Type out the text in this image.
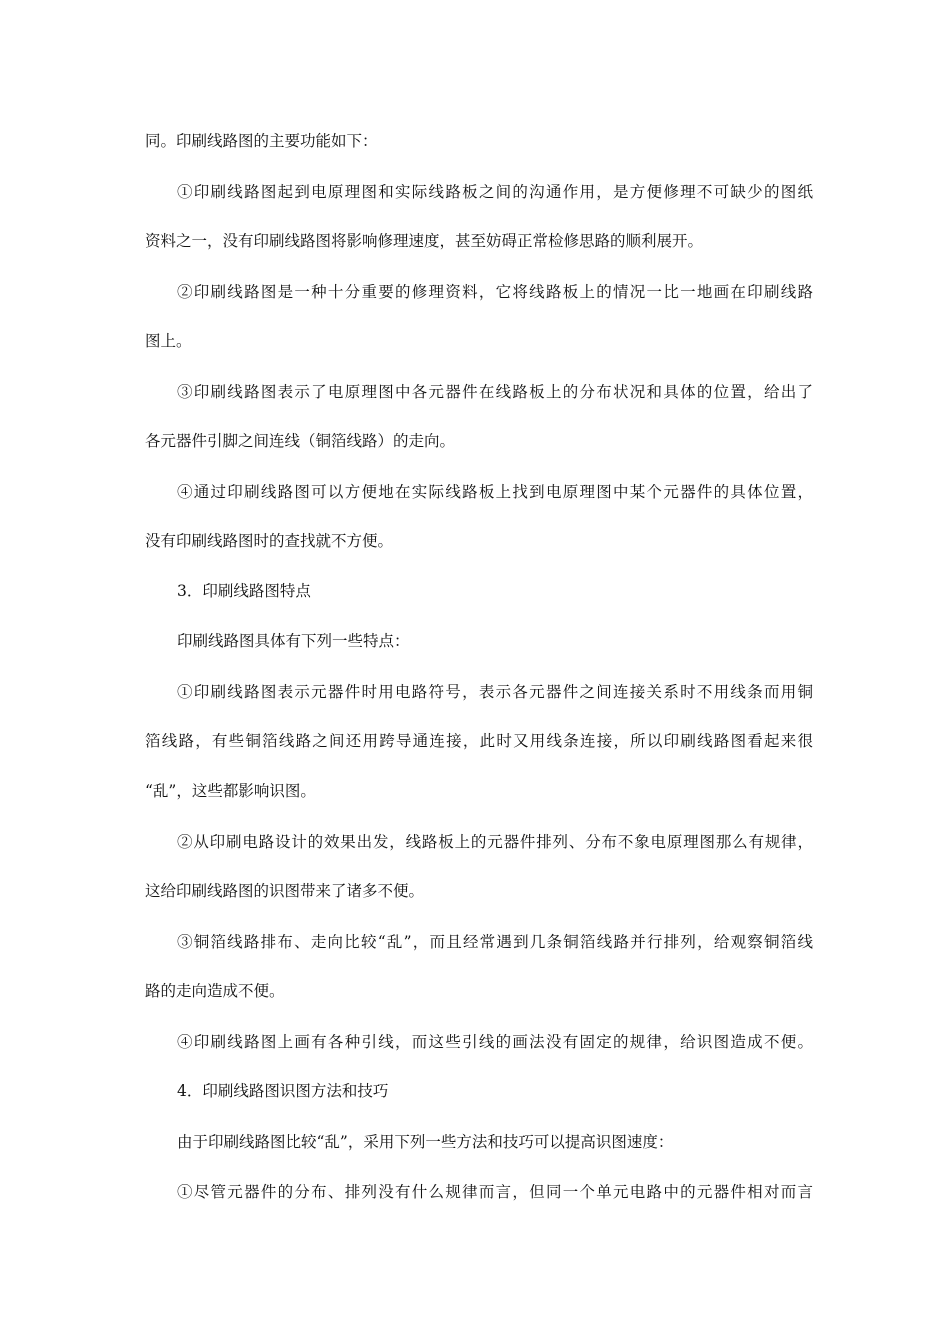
同。印刷线路图的主要功能如下：
①印刷线路图起到电原理图和实际线路板之间的沟通作用，是方便修理不可缺少的图纸
资料之一，没有印刷线路图将影响修理速度，甚至妨碍正常检修思路的顺利展开。
②印刷线路图是一种十分重要的修理资料，它将线路板上的情况一比一地画在印刷线路
图上。
③印刷线路图表示了电原理图中各元器件在线路板上的分布状况和具体的位置，给出了
各元器件引脚之间连线（铜箔线路）的走向。
④通过印刷线路图可以方便地在实际线路板上找到电原理图中某个元器件的具体位置，
没有印刷线路图时的查找就不方便。
3．印刷线路图特点
印刷线路图具体有下列一些特点：
①印刷线路图表示元器件时用电路符号，表示各元器件之间连接关系时不用线条而用铜
箔线路，有些铜箔线路之间还用跨导通连接，此时又用线条连接，所以印刷线路图看起来很
“乱”，这些都影响识图。
②从印刷电路设计的效果出发，线路板上的元器件排列、分布不象电原理图那么有规律，
这给印刷线路图的识图带来了诸多不便。
③铜箔线路排布、走向比较“乱”，而且经常遇到几条铜箔线路并行排列，给观察铜箔线
路的走向造成不便。
④印刷线路图上画有各种引线，而这些引线的画法没有固定的规律，给识图造成不便。
4．印刷线路图识图方法和技巧
由于印刷线路图比较“乱”，采用下列一些方法和技巧可以提高识图速度：
①尽管元器件的分布、排列没有什么规律而言，但同一个单元电路中的元器件相对而言
